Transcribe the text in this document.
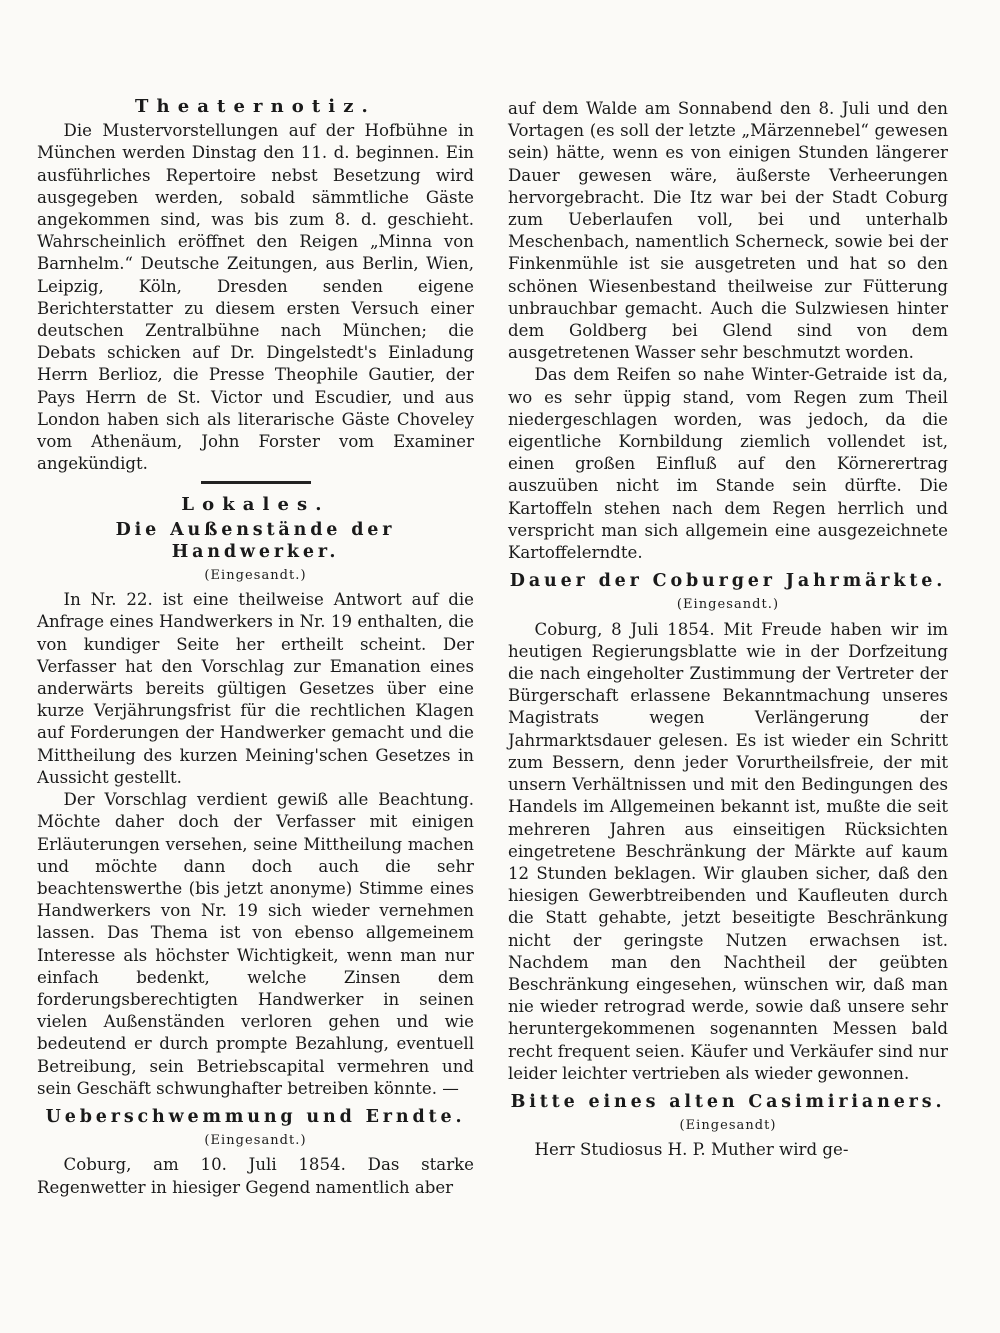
Theaternotiz.

Die Mustervorstellungen auf der Hofbühne in München werden Dinstag den 11. d. beginnen. Ein ausführliches Repertoire nebst Besetzung wird ausgegeben werden, sobald sämmtliche Gäste angekommen sind, was bis zum 8. d. geschieht. Wahrscheinlich eröffnet den Reigen „Minna von Barnhelm.“ Deutsche Zeitungen, aus Berlin, Wien, Leipzig, Köln, Dresden senden eigene Berichterstatter zu diesem ersten Versuch einer deutschen Zentralbühne nach München; die Debats schicken auf Dr. Dingelstedt's Einladung Herrn Berlioz, die Presse Theophile Gautier, der Pays Herrn de St. Victor und Escudier, und aus London haben sich als literarische Gäste Choveley vom Athenäum, John Forster vom Examiner angekündigt.

Lokales.
Die Außenstände der Handwerker.
(Eingesandt.)

In Nr. 22. ist eine theilweise Antwort auf die Anfrage eines Handwerkers in Nr. 19 enthalten, die von kundiger Seite her ertheilt scheint. Der Verfasser hat den Vorschlag zur Emanation eines anderwärts bereits gültigen Gesetzes über eine kurze Verjährungsfrist für die rechtlichen Klagen auf Forderungen der Handwerker gemacht und die Mittheilung des kurzen Meining'schen Gesetzes in Aussicht gestellt.

Der Vorschlag verdient gewiß alle Beachtung. Möchte daher doch der Verfasser mit einigen Erläuterungen versehen, seine Mittheilung machen und möchte dann doch auch die sehr beachtenswerthe (bis jetzt anonyme) Stimme eines Handwerkers von Nr. 19 sich wieder vernehmen lassen. Das Thema ist von ebenso allgemeinem Interesse als höchster Wichtigkeit, wenn man nur einfach bedenkt, welche Zinsen dem forderungsberechtigten Handwerker in seinen vielen Außenständen verloren gehen und wie bedeutend er durch prompte Bezahlung, eventuell Betreibung, sein Betriebscapital vermehren und sein Geschäft schwunghafter betreiben könnte. —

Ueberschwemmung und Erndte.
(Eingesandt.)

Coburg, am 10. Juli 1854. Das starke Regenwetter in hiesiger Gegend namentlich aber

auf dem Walde am Sonnabend den 8. Juli und den Vortagen (es soll der letzte „Märzennebel“ gewesen sein) hätte, wenn es von einigen Stunden längerer Dauer gewesen wäre, äußerste Verheerungen hervorgebracht. Die Itz war bei der Stadt Coburg zum Ueberlaufen voll, bei und unterhalb Meschenbach, namentlich Scherneck, sowie bei der Finkenmühle ist sie ausgetreten und hat so den schönen Wiesenbestand theilweise zur Fütterung unbrauchbar gemacht. Auch die Sulzwiesen hinter dem Goldberg bei Glend sind von dem ausgetretenen Wasser sehr beschmutzt worden.

Das dem Reifen so nahe Winter-Getraide ist da, wo es sehr üppig stand, vom Regen zum Theil niedergeschlagen worden, was jedoch, da die eigentliche Kornbildung ziemlich vollendet ist, einen großen Einfluß auf den Körnerertrag auszuüben nicht im Stande sein dürfte. Die Kartoffeln stehen nach dem Regen herrlich und verspricht man sich allgemein eine ausgezeichnete Kartoffelerndte.

Dauer der Coburger Jahrmärkte.
(Eingesandt.)

Coburg, 8 Juli 1854. Mit Freude haben wir im heutigen Regierungsblatte wie in der Dorfzeitung die nach eingeholter Zustimmung der Vertreter der Bürgerschaft erlassene Bekanntmachung unseres Magistrats wegen Verlängerung der Jahrmarktsdauer gelesen. Es ist wieder ein Schritt zum Bessern, denn jeder Vorurtheilsfreie, der mit unsern Verhältnissen und mit den Bedingungen des Handels im Allgemeinen bekannt ist, mußte die seit mehreren Jahren aus einseitigen Rücksichten eingetretene Beschränkung der Märkte auf kaum 12 Stunden beklagen. Wir glauben sicher, daß den hiesigen Gewerbtreibenden und Kaufleuten durch die Statt gehabte, jetzt beseitigte Beschränkung nicht der geringste Nutzen erwachsen ist. Nachdem man den Nachtheil der geübten Beschränkung eingesehen, wünschen wir, daß man nie wieder retrograd werde, sowie daß unsere sehr heruntergekommenen sogenannten Messen bald recht frequent seien. Käufer und Verkäufer sind nur leider leichter vertrieben als wieder gewonnen.

Bitte eines alten Casimirianers.
(Eingesandt)

Herr Studiosus H. P. Muther wird ge-
